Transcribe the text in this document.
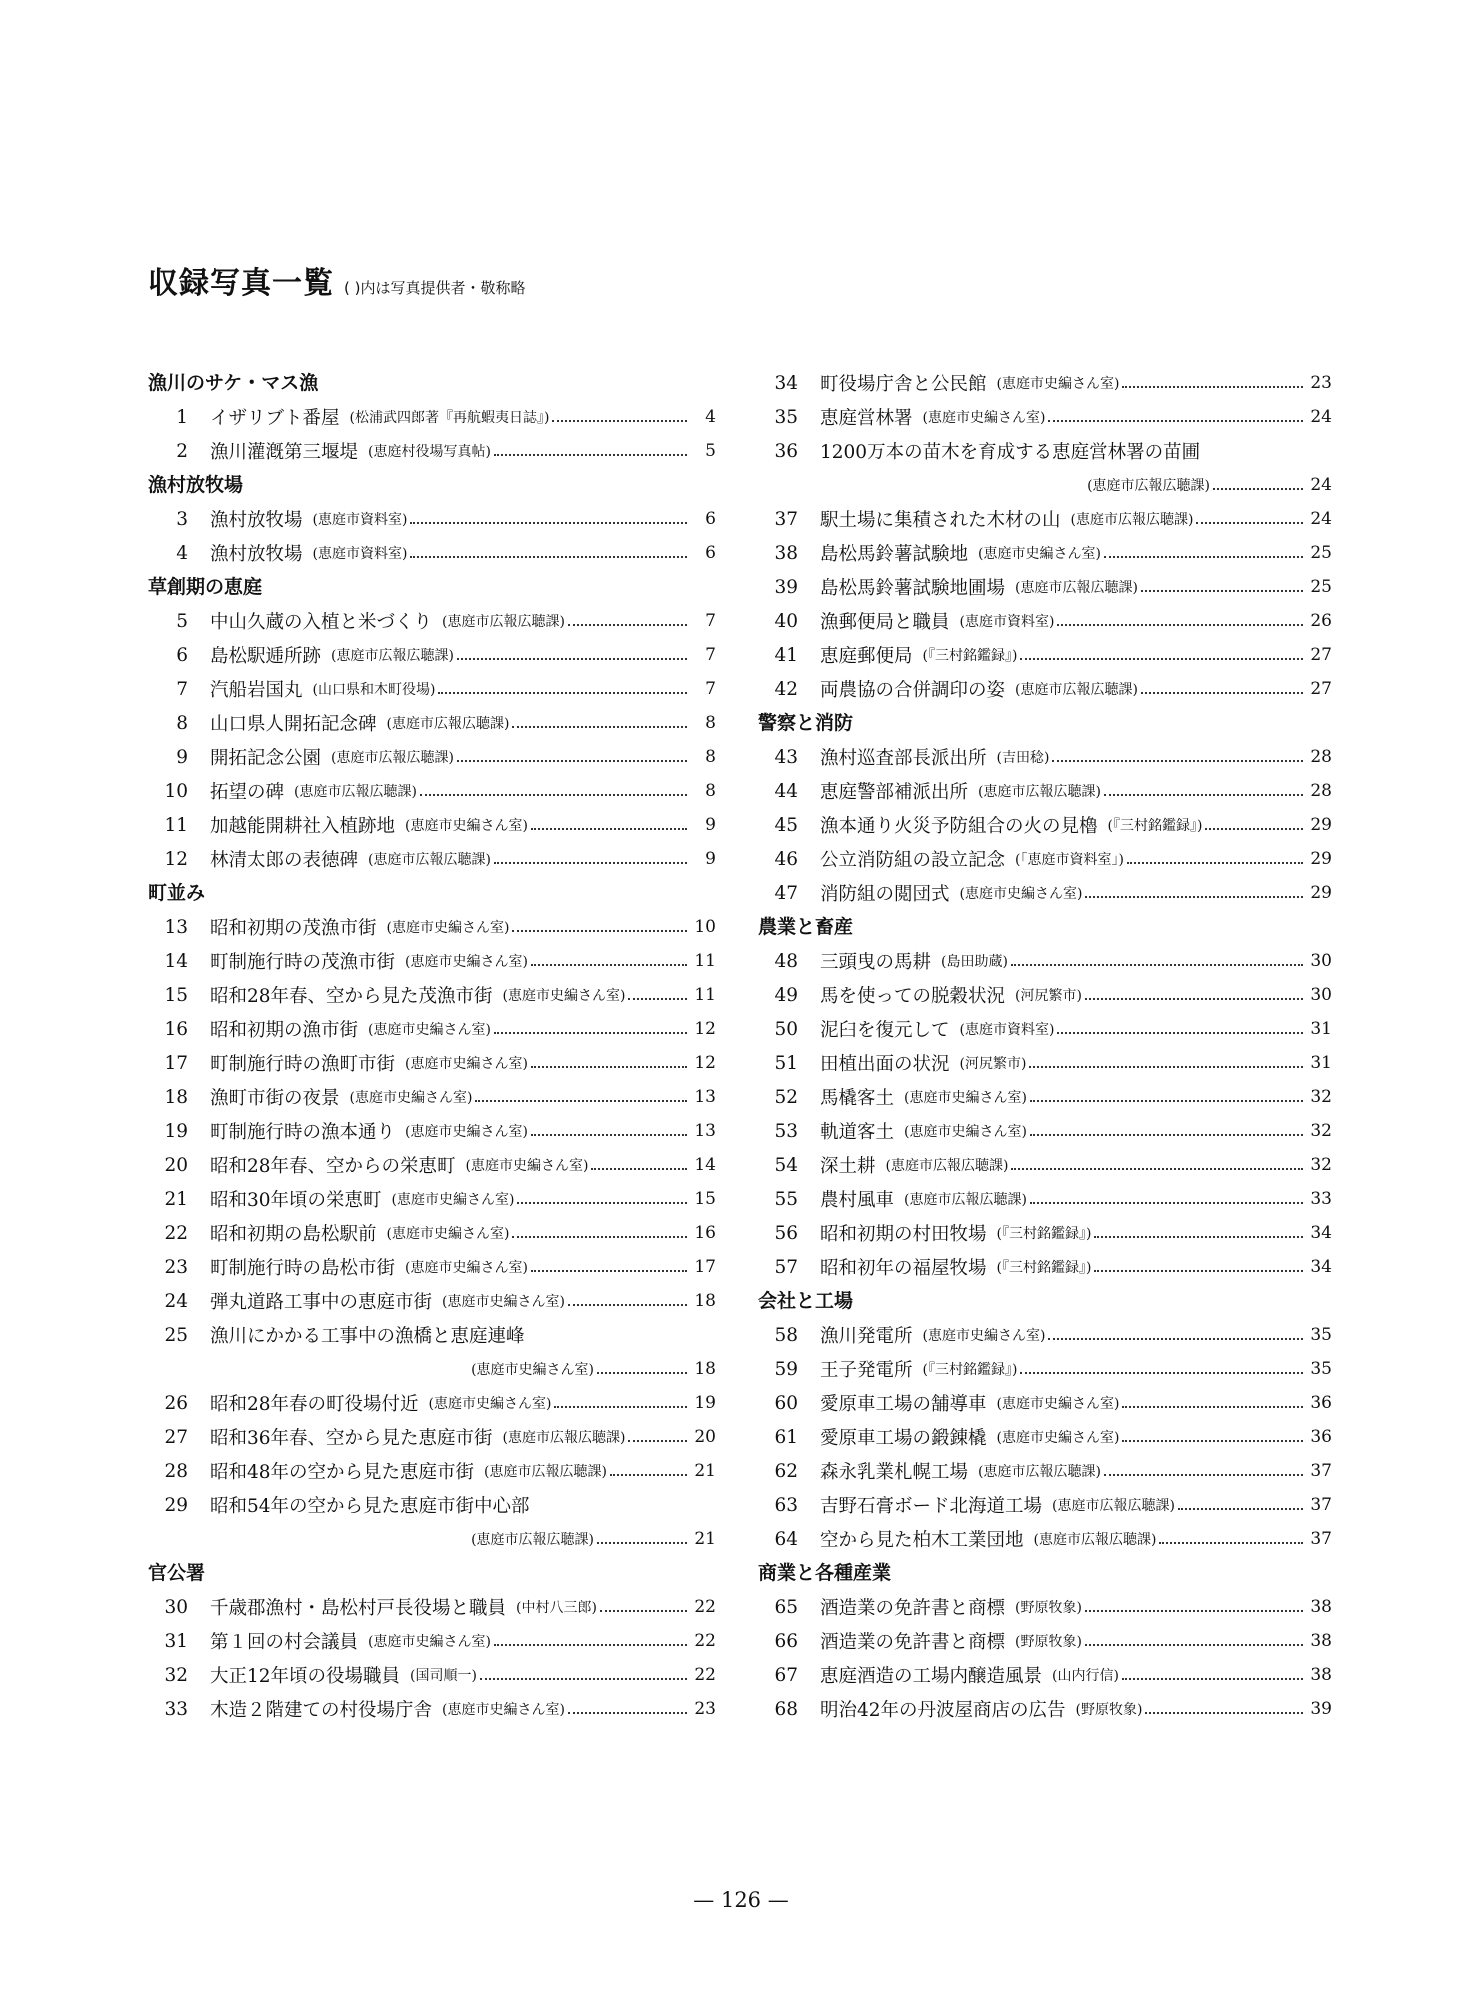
収録写真一覧 ( )内は写真提供者・敬称略
漁川のサケ・マス漁
1 イザリブト番屋 (松浦武四郎著『再航蝦夷日誌』)	4
2 漁川灌漑第三堰堤 (恵庭村役場写真帖)	5
漁村放牧場
3 漁村放牧場 (恵庭市資料室)	6
4 漁村放牧場 (恵庭市資料室)	6
草創期の恵庭
5 中山久蔵の入植と米づくり (恵庭市広報広聴課)	7
6 島松駅逓所跡 (恵庭市広報広聴課)	7
7 汽船岩国丸 (山口県和木町役場)	7
8 山口県人開拓記念碑 (恵庭市広報広聴課)	8
9 開拓記念公園 (恵庭市広報広聴課)	8
10 拓望の碑 (恵庭市広報広聴課)	8
11 加越能開耕社入植跡地 (恵庭市史編さん室)	9
12 林清太郎の表徳碑 (恵庭市広報広聴課)	9
町並み
13 昭和初期の茂漁市街 (恵庭市史編さん室)	10
14 町制施行時の茂漁市街 (恵庭市史編さん室)	11
15 昭和28年春、空から見た茂漁市街 (恵庭市史編さん室)	11
16 昭和初期の漁市街 (恵庭市史編さん室)	12
17 町制施行時の漁町市街 (恵庭市史編さん室)	12
18 漁町市街の夜景 (恵庭市史編さん室)	13
19 町制施行時の漁本通り (恵庭市史編さん室)	13
20 昭和28年春、空からの栄恵町 (恵庭市史編さん室)	14
21 昭和30年頃の栄恵町 (恵庭市史編さん室)	15
22 昭和初期の島松駅前 (恵庭市史編さん室)	16
23 町制施行時の島松市街 (恵庭市史編さん室)	17
24 弾丸道路工事中の恵庭市街 (恵庭市史編さん室)	18
25 漁川にかかる工事中の漁橋と恵庭連峰
(恵庭市史編さん室)	18
26 昭和28年春の町役場付近 (恵庭市史編さん室)	19
27 昭和36年春、空から見た恵庭市街 (恵庭市広報広聴課)	20
28 昭和48年の空から見た恵庭市街 (恵庭市広報広聴課)	21
29 昭和54年の空から見た恵庭市街中心部
(恵庭市広報広聴課)	21
官公署
30 千歳郡漁村・島松村戸長役場と職員 (中村八三郎)	22
31 第１回の村会議員 (恵庭市史編さん室)	22
32 大正12年頃の役場職員 (国司順一)	22
33 木造２階建ての村役場庁舎 (恵庭市史編さん室)	23
34 町役場庁舎と公民館 (恵庭市史編さん室)	23
35 恵庭営林署 (恵庭市史編さん室)	24
36 1200万本の苗木を育成する恵庭営林署の苗圃
(恵庭市広報広聴課)	24
37 駅土場に集積された木材の山 (恵庭市広報広聴課)	24
38 島松馬鈴薯試験地 (恵庭市史編さん室)	25
39 島松馬鈴薯試験地圃場 (恵庭市広報広聴課)	25
40 漁郵便局と職員 (恵庭市資料室)	26
41 恵庭郵便局 (『三村銘鑑録』)	27
42 両農協の合併調印の姿 (恵庭市広報広聴課)	27
警察と消防
43 漁村巡査部長派出所 (吉田稔)	28
44 恵庭警部補派出所 (恵庭市広報広聴課)	28
45 漁本通り火災予防組合の火の見櫓 (『三村銘鑑録』)	29
46 公立消防組の設立記念 (「恵庭市資料室」)	29
47 消防組の閲団式 (恵庭市史編さん室)	29
農業と畜産
48 三頭曳の馬耕 (島田助蔵)	30
49 馬を使っての脱穀状況 (河尻繁市)	30
50 泥臼を復元して (恵庭市資料室)	31
51 田植出面の状況 (河尻繁市)	31
52 馬橇客土 (恵庭市史編さん室)	32
53 軌道客土 (恵庭市史編さん室)	32
54 深土耕 (恵庭市広報広聴課)	32
55 農村風車 (恵庭市広報広聴課)	33
56 昭和初期の村田牧場 (『三村銘鑑録』)	34
57 昭和初年の福屋牧場 (『三村銘鑑録』)	34
会社と工場
58 漁川発電所 (恵庭市史編さん室)	35
59 王子発電所 (『三村銘鑑録』)	35
60 愛原車工場の舗導車 (恵庭市史編さん室)	36
61 愛原車工場の鍛錬橇 (恵庭市史編さん室)	36
62 森永乳業札幌工場 (恵庭市広報広聴課)	37
63 吉野石膏ボード北海道工場 (恵庭市広報広聴課)	37
64 空から見た柏木工業団地 (恵庭市広報広聴課)	37
商業と各種産業
65 酒造業の免許書と商標 (野原牧象)	38
66 酒造業の免許書と商標 (野原牧象)	38
67 恵庭酒造の工場内醸造風景 (山内行信)	38
68 明治42年の丹波屋商店の広告 (野原牧象)	39
— 126 —
